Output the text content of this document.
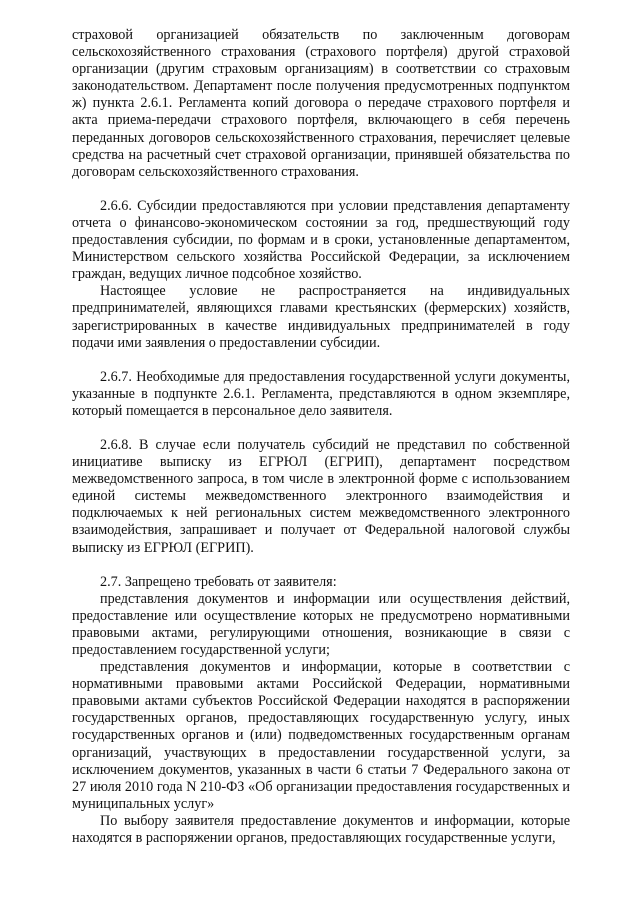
страховой организацией обязательств по заключенным договорам сельскохозяйственного страхования (страхового портфеля) другой страховой организации (другим страховым организациям) в соответствии со страховым законодательством. Департамент после получения предусмотренных подпунктом ж) пункта 2.6.1. Регламента копий договора о передаче страхового портфеля и акта приема-передачи страхового портфеля, включающего в себя перечень переданных договоров сельскохозяйственного страхования, перечисляет целевые средства на расчетный счет страховой организации, принявшей обязательства по договорам сельскохозяйственного страхования.

2.6.6. Субсидии предоставляются при условии представления департаменту отчета о финансово-экономическом состоянии за год, предшествующий году предоставления субсидии, по формам и в сроки, установленные департаментом, Министерством сельского хозяйства Российской Федерации, за исключением граждан, ведущих личное подсобное хозяйство.

Настоящее условие не распространяется на индивидуальных предпринимателей, являющихся главами крестьянских (фермерских) хозяйств, зарегистрированных в качестве индивидуальных предпринимателей в году подачи ими заявления о предоставлении субсидии.

2.6.7. Необходимые для предоставления государственной услуги документы, указанные в подпункте 2.6.1. Регламента, представляются в одном экземпляре, который помещается в персональное дело заявителя.

2.6.8. В случае если получатель субсидий не представил по собственной инициативе выписку из ЕГРЮЛ (ЕГРИП), департамент посредством межведомственного запроса, в том числе в электронной форме с использованием единой системы межведомственного электронного взаимодействия и подключаемых к ней региональных систем межведомственного электронного взаимодействия, запрашивает и получает от Федеральной налоговой службы выписку из ЕГРЮЛ (ЕГРИП).

2.7. Запрещено требовать от заявителя:

представления документов и информации или осуществления действий, предоставление или осуществление которых не предусмотрено нормативными правовыми актами, регулирующими отношения, возникающие в связи с предоставлением государственной услуги;

представления документов и информации, которые в соответствии с нормативными правовыми актами Российской Федерации, нормативными правовыми актами субъектов Российской Федерации находятся в распоряжении государственных органов, предоставляющих государственную услугу, иных государственных органов и (или) подведомственных государственным органам организаций, участвующих в предоставлении государственной услуги, за исключением документов, указанных в части 6 статьи 7 Федерального закона от 27 июля 2010 года N 210-ФЗ «Об организации предоставления государственных и муниципальных услуг»

По выбору заявителя предоставление документов и информации, которые находятся в распоряжении органов, предоставляющих государственные услуги,
